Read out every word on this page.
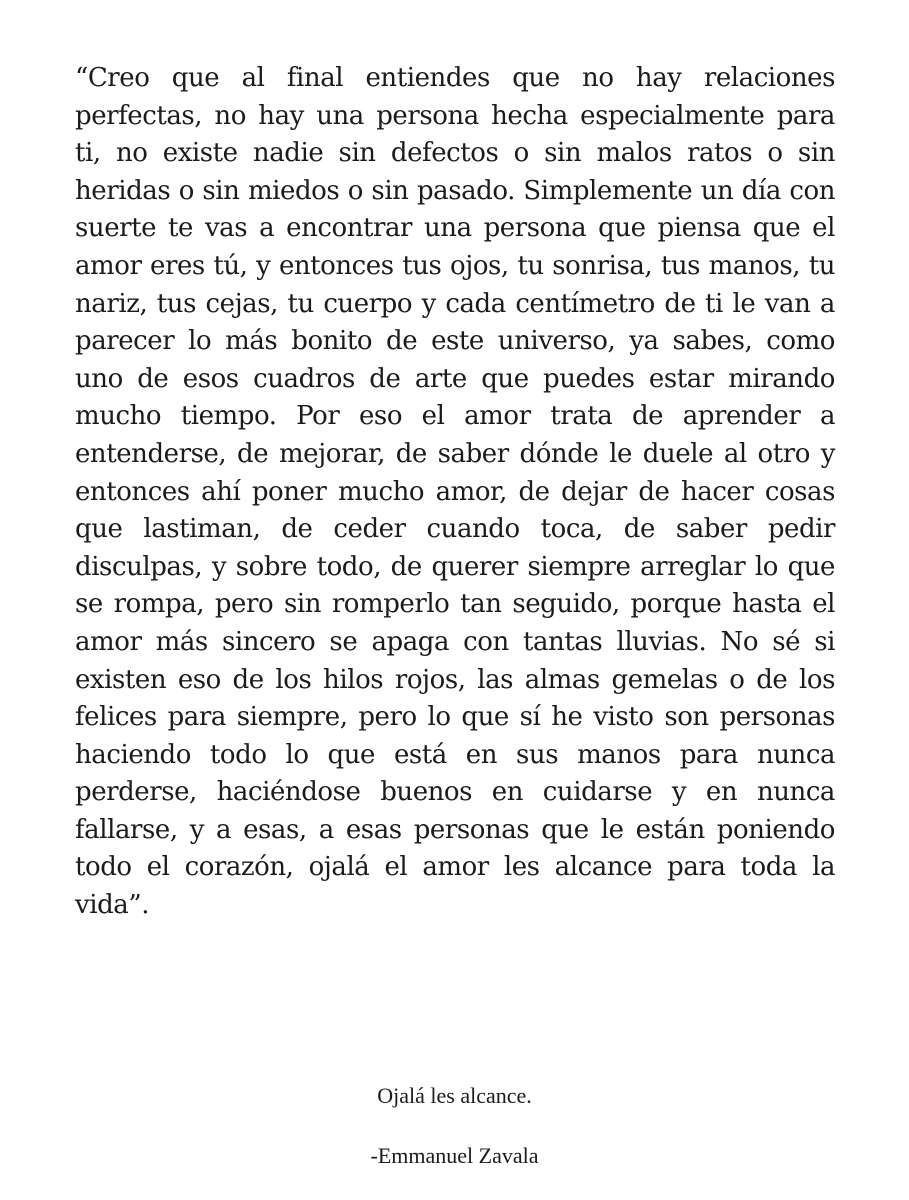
“Creo que al final entiendes que no hay relaciones perfectas, no hay una persona hecha especialmente para ti, no existe nadie sin defectos o sin malos ratos o sin heridas o sin miedos o sin pasado. Simplemente un día con suerte te vas a encontrar una persona que piensa que el amor eres tú, y entonces tus ojos, tu sonrisa, tus manos, tu nariz, tus cejas, tu cuerpo y cada centímetro de ti le van a parecer lo más bonito de este universo, ya sabes, como uno de esos cuadros de arte que puedes estar mirando mucho tiempo. Por eso el amor trata de aprender a entenderse, de mejorar, de saber dónde le duele al otro y entonces ahí poner mucho amor, de dejar de hacer cosas que lastiman, de ceder cuando toca, de saber pedir disculpas, y sobre todo, de querer siempre arreglar lo que se rompa, pero sin romperlo tan seguido, porque hasta el amor más sincero se apaga con tantas lluvias. No sé si existen eso de los hilos rojos, las almas gemelas o de los felices para siempre, pero lo que sí he visto son personas haciendo todo lo que está en sus manos para nunca perderse, haciéndose buenos en cuidarse y en nunca fallarse, y a esas, a esas personas que le están poniendo todo el corazón, ojalá el amor les alcance para toda la vida”.

Ojalá les alcance.

-Emmanuel Zavala
